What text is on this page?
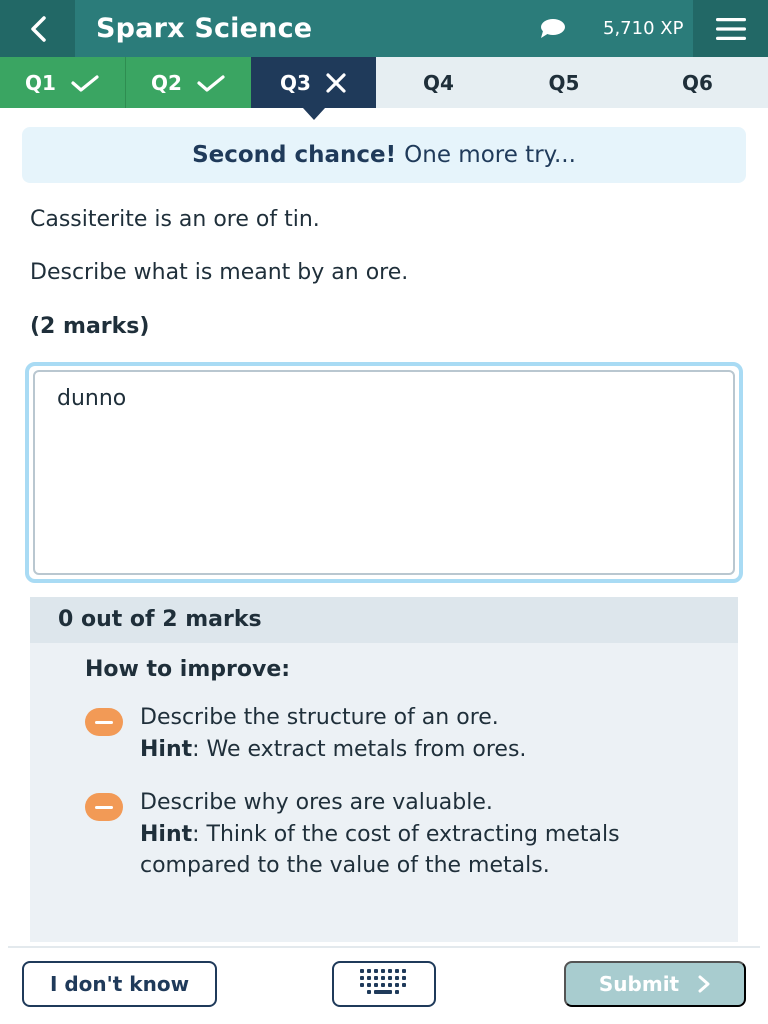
Sparx Science	5,710 XP
Q1	Q2	Q3	Q4	Q5	Q6
Second chance! One more try...
Cassiterite is an ore of tin.
Describe what is meant by an ore.
(2 marks)
dunno
0 out of 2 marks
How to improve:
Describe the structure of an ore.
Hint: We extract metals from ores.
Describe why ores are valuable.
Hint: Think of the cost of extracting metals compared to the value of the metals.
I don't know	Submit
